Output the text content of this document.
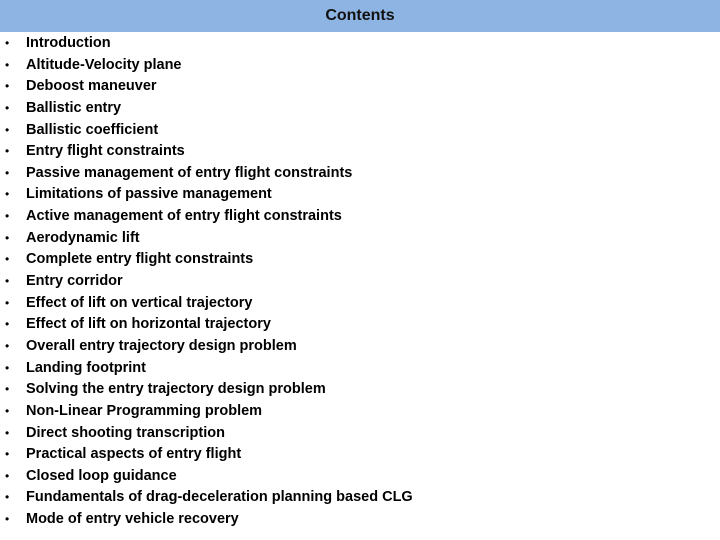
Contents
•	Introduction
•	Altitude-Velocity plane
•	Deboost maneuver
•	Ballistic entry
•	Ballistic coefficient
•	Entry flight constraints
•	Passive management of entry flight constraints
•	Limitations of passive management
•	Active management of entry flight constraints
•	Aerodynamic lift
•	Complete entry flight constraints
•	Entry corridor
•	Effect of lift on vertical trajectory
•	Effect of lift on horizontal trajectory
•	Overall entry trajectory design problem
•	Landing footprint
•	Solving the entry trajectory design problem
•	Non-Linear Programming problem
•	Direct shooting transcription
•	Practical aspects of entry flight
•	Closed loop guidance
•	Fundamentals of drag-deceleration planning based CLG
•	Mode of entry vehicle recovery
